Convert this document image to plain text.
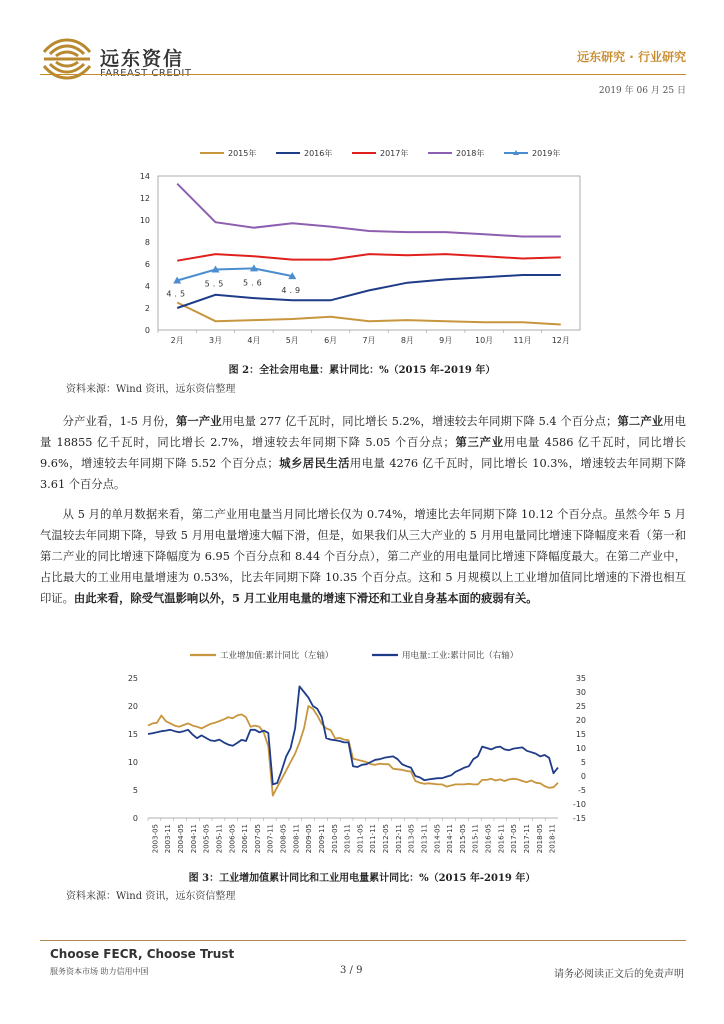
远东资信	远东研究 · 行业研究
2019 年 06 月 25 日
0
2
4
6
8
10
12
14
2月	3月	4月	5月	6月	7月	8月	9月	10月	11月	12月
2015年	2016年	2017年	2018年	2019年
4.5
5.5 5.6
4.9
图 2：全社会用电量：累计同比：%（2015 年-2019 年）
资料来源：Wind 资讯，远东资信整理
分产业看，1-5 月份，第一产业用电量 277 亿千瓦时，同比增长 5.2%，增速较去年同期下降 5.4 个百分点；第二产业用电量 18855 亿千瓦时，同比增长 2.7%，增速较去年同期下降 5.05 个百分点；第三产业用电量 4586 亿千瓦时，同比增长 9.6%，增速较去年同期下降 5.52 个百分点；城乡居民生活用电量 4276 亿千瓦时，同比增长 10.3%，增速较去年同期下降 3.61 个百分点。
从 5 月的单月数据来看，第二产业用电量当月同比增长仅为 0.74%，增速比去年同期下降 10.12 个百分点。虽然今年 5 月气温较去年同期下降，导致 5 月用电量增速大幅下滑，但是，如果我们从三大产业的 5 月用电量同比增速下降幅度来看（第一和第二产业的同比增速下降幅度为 6.95 个百分点和 8.44 个百分点），第二产业的用电量同比增速下降幅度最大。在第二产业中，占比最大的工业用电量增速为 0.53%，比去年同期下降 10.35 个百分点。这和 5 月规模以上工业增加值同比增速的下滑也相互印证。由此来看，除受气温影响以外，5 月工业用电量的增速下滑还和工业自身基本面的疲弱有关。
0
5
10
15
20
25
-15
-10
-5
0
5
10
15
20
25
30
35
2003-05 2003-11 2004-05 2004-11 2005-05 2005-11 2006-05 2006-11 2007-05 2007-11 2008-05 2008-11 2009-05 2009-11 2010-05 2010-11 2011-05 2011-11 2012-05 2012-11 2013-05 2013-11 2014-05 2014-11 2015-05 2015-11 2016-05 2016-11 2017-05 2017-11 2018-05 2018-11
工业增加值:累计同比（左轴）	用电量:工业:累计同比（右轴）
图 3：工业增加值累计同比和工业用电量累计同比：%（2015 年-2019 年）
资料来源：Wind 资讯，远东资信整理
Choose FECR, Choose Trust
服务资本市场 助力信用中国	3 / 9	请务必阅读正文后的免责声明
